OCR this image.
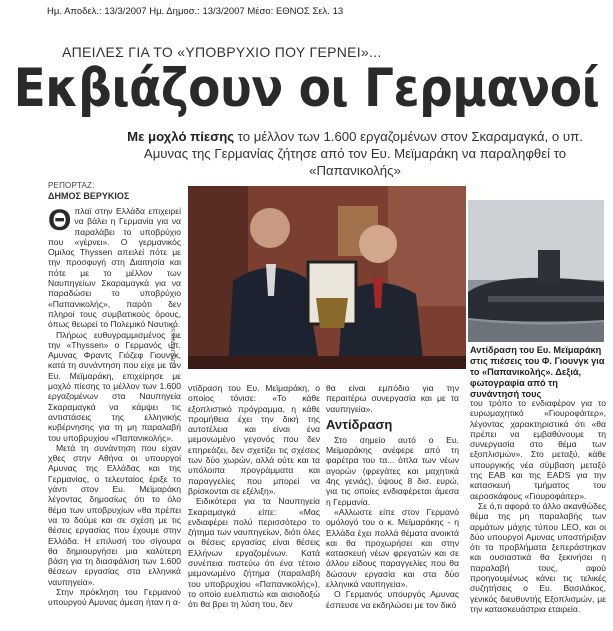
Ημ. Αποδελ.: 13/3/2007 Ημ. Δημοσ.: 13/3/2007 Μέσο: ΕΘΝΟΣ Σελ. 13
ΑΠΕΙΛΕΣ ΓΙΑ ΤΟ «ΥΠΟΒΡΥΧΙΟ ΠΟΥ ΓΕΡΝΕΙ»...
Εκβιάζουν οι Γερμανοί
Με μοχλό πίεσης το μέλλον των 1.600 εργαζομένων στον Σκαραμαγκά, ο υπ. Αμυνας της Γερμανίας ζήτησε από τον Ευ. Μεϊμαράκη να παραληφθεί το «Παπανικολής»
ΡΕΠΟΡΤΑΖ:
ΔΗΜΟΣ ΒΕΡΥΚΙΟΣ

Θπλαϊ στην Ελλάδα επιχειρεί να βάλει η Γερμανία για να παραλάβει το υποβρύχιο που «γέρνει». Ο γερμανικός Ομιλος Thyssen απειλεί πότε με την προσφυγή στη Διαιτησία και πότε με το μέλλον των Ναυπηγείων Σκαραμαγκά για να παραδώσει το υποβρύχιο «Παπανικολής», παρότι δεν πληροί τους συμβατικούς όρους, όπως θεωρεί το Πολεμικό Ναυτικό.

Πλήρως ευθυγραμμισμένος με την «Thyssen» ο Γερμανός υπ. Αμυνας Φραντς Γιόζεφ Γιουνγκ, κατά τη συνάντηση που είχε με τον Ευ. Μεϊμαράκη, επιχείρησε με μοχλό πίεσης το μέλλον των 1.600 εργαζομένων στα Ναυπηγεία Σκαραμαγκά να κάμψει τις αντιστάσεις της ελληνικής κυβέρνησης για τη μη παραλαβή του υποβρυχίου «Παπανικολής».

Μετά τη συνάντηση που είχαν χθες στην Αθήνα οι υπουργοί Αμυνας της Ελλάδας και της Γερμανίας, ο τελευταίος έριξε το γάντι στον Ευ. Μεϊμαράκη λέγοντας δημοσίως ότι το όλο θέμα των υποβρυχίων «θα πρέπει να το δούμε και σε σχέση με τις θέσεις εργασίας που έχουμε στην Ελλάδα. Η επιλυσή του σίγουρα θα δημιουργήσει μια καλύτερη βάση για τη διασφάλιση των 1.600 θέσεων εργασίας στα ελληνικά ναυπηγεία».

Στην πρόκληση του Γερμανού υπουργού Αμυνας άμεση ήταν η α-

EUROKINISSI	Αντίδραση του Ευ. Μεϊμαράκη στις πιέσεις του Φ. Γιουνγκ για το «Παπανικολής». Δεξιά, φωτογραφία από τη συνάντησή τους

ντίδραση του Ευ. Μεϊμαράκη, ο οποίος τόνισε: «Το κάθε εξοπλιστικό πρόγραμμα, η κάθε προμήθεια έχει την δική της αυτοτέλεια και είναι ένα μεμονωμένο γεγονός που δεν επηρεάζει, δεν σχετίζει τις σχέσεις των δύο χωρών, αλλά ούτε και τα υπόλοιπα προγράμματα και παραγγελίες που μπορεί να βρίσκονται σε εξέλιξη».

Ειδικότερα για τα Ναυπηγεία Σκαραμαγκά είπε: «Μας ενδιαφέρει πολύ περισσότερο το ζήτημα των ναυπηγείων, διότι όλες οι θέσεις εργασίας είναι θέσεις Ελλήνων εργαζομένων. Κατά συνέπεια πιστεύω ότι ένα τέτοιο μεμονωμένο ζήτημα (παραλαβή του υποβρυχίου «Παπανικολής»), το οποίο ευελπιστώ και αισιοδοξώ ότι θα βρει τη λύση του, δεν

θα είναι εμπόδιο για την περαιτέρω συνεργασία και με τα ναυπηγεία».

Αντίδραση

Στο σημείο αυτό ο Ευ. Μεϊμαράκης ανέφερε από τη φαρέτρα του τα... όπλα των νέων αγορών (φρεγάτες και μαχητικά 4ης γενιάς), ύψους 8 δισ. ευρώ, για τις οποίες ενδιαφέρεται άμεσα η Γερμανία.

«Αλλωστε είπε στον Γερμανό ομόλογό του ο κ. Μεϊμαράκης - η Ελλάδα έχει πολλά θέματα ανοικτά και θα προχωρήσει και στην κατασκευή νέων φρεγατών και σε άλλου είδους παραγγελίες που θα δώσουν εργασία και στα δύο ελληνικά ναυπηγεία».

Ο Γερμανός υπουργός Αμυνας έσπευσε να εκδηλώσει με τον δικό

του τρόπο το ενδιαφέρον για το ευρωμαχητικό «Γιουροφάιτερ», λέγοντας χαρακτηριστικά ότι «θα πρέπει να εμβαθύνουμε τη συνεργασία στο θέμα των εξοπλισμών». Στο μεταξύ, κάθε υπουργικής νέα σύμβαση μεταξύ της ΕΑΒ και της EADS για την κατασκευή τμήματος του αεροσκάφους «Γιουροφάιτερ».

Σε ό,τι αφορά το άλλο ακανθώδες θέμα της μη παραλαβής των αρμάτων μάχης τύπου LEO, και οι δύο υπουργοί Αμυνας υποστήριξαν ότι τα προβλήματα ξεπεράστηκαν και ουσιαστικά θα ξεκινήσει η παραλαβή τους, αφού προηγουμένως κάνει τις τελικές συζητήσεις ο Ευ. Βασιλάκος, γενικός διευθυντής Εξοπλισμών, με την κατασκευάστρια εταιρεία.
